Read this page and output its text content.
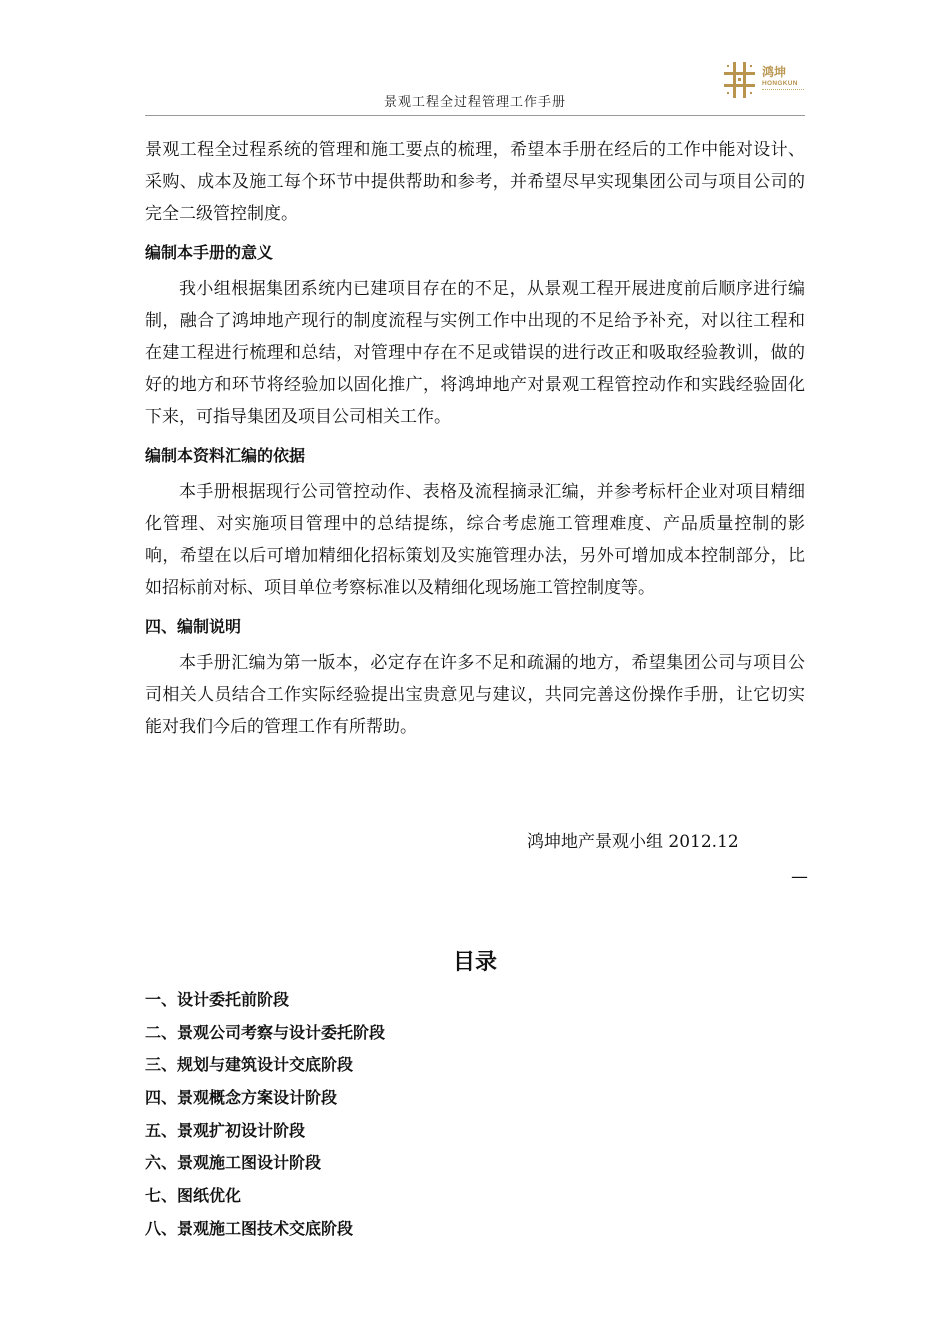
景观工程全过程管理工作手册
鸿坤
HONGKUN

景观工程全过程系统的管理和施工要点的梳理，希望本手册在经后的工作中能对设计、采购、成本及施工每个环节中提供帮助和参考，并希望尽早实现集团公司与项目公司的完全二级管控制度。

编制本手册的意义

我小组根据集团系统内已建项目存在的不足，从景观工程开展进度前后顺序进行编制，融合了鸿坤地产现行的制度流程与实例工作中出现的不足给予补充，对以往工程和在建工程进行梳理和总结，对管理中存在不足或错误的进行改正和吸取经验教训，做的好的地方和环节将经验加以固化推广，将鸿坤地产对景观工程管控动作和实践经验固化下来，可指导集团及项目公司相关工作。

编制本资料汇编的依据

本手册根据现行公司管控动作、表格及流程摘录汇编，并参考标杆企业对项目精细化管理、对实施项目管理中的总结提练，综合考虑施工管理难度、产品质量控制的影响，希望在以后可增加精细化招标策划及实施管理办法，另外可增加成本控制部分，比如招标前对标、项目单位考察标准以及精细化现场施工管控制度等。

四、编制说明

本手册汇编为第一版本，必定存在许多不足和疏漏的地方，希望集团公司与项目公司相关人员结合工作实际经验提出宝贵意见与建议，共同完善这份操作手册，让它切实能对我们今后的管理工作有所帮助。

鸿坤地产景观小组 2012.12
—
目录
一、设计委托前阶段
二、景观公司考察与设计委托阶段
三、规划与建筑设计交底阶段
四、景观概念方案设计阶段
五、景观扩初设计阶段
六、景观施工图设计阶段
七、图纸优化
八、景观施工图技术交底阶段
